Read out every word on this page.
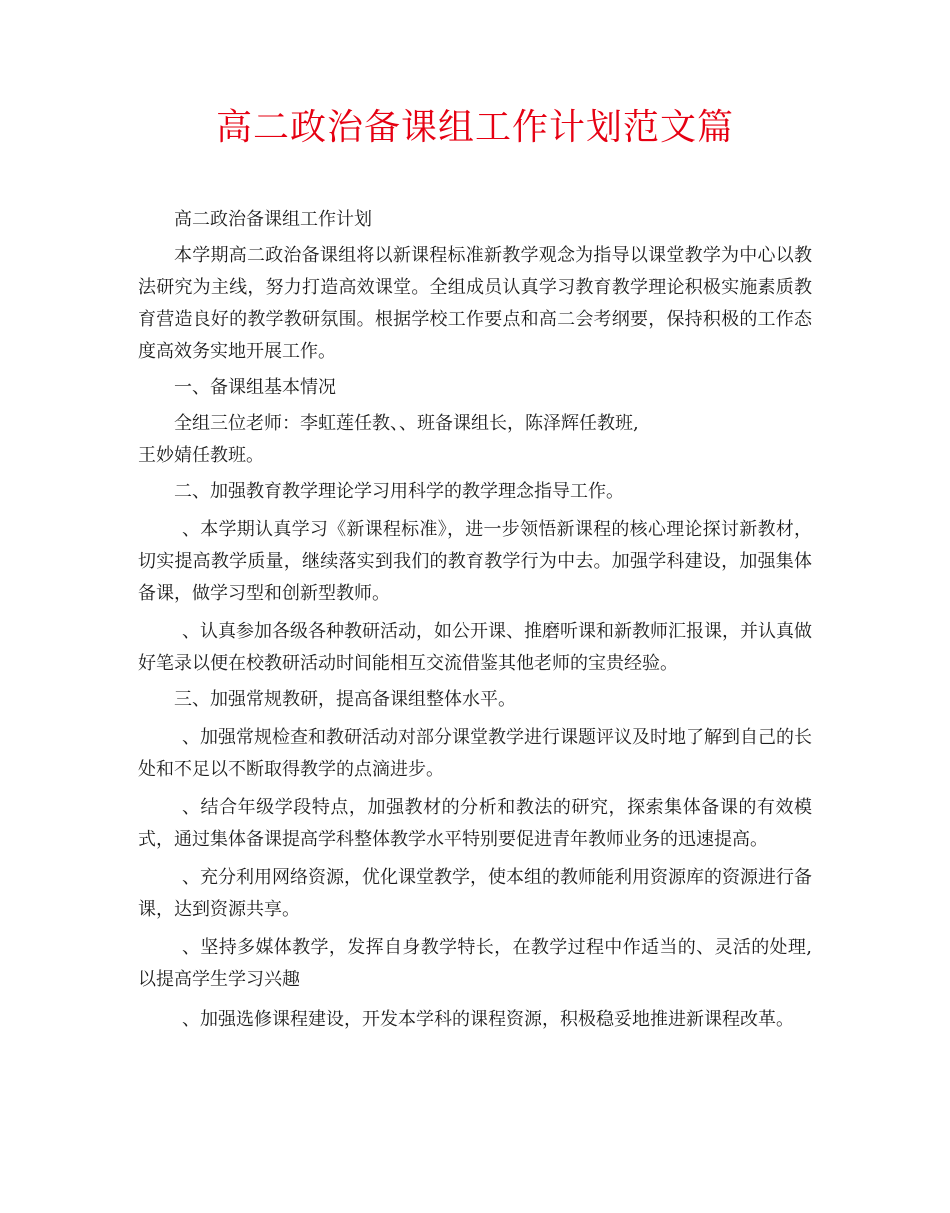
高二政治备课组工作计划范文篇

高二政治备课组工作计划

本学期高二政治备课组将以新课程标准新教学观念为指导以课堂教学为中心以教法研究为主线，努力打造高效课堂。全组成员认真学习教育教学理论积极实施素质教育营造良好的教学教研氛围。根据学校工作要点和高二会考纲要，保持积极的工作态度高效务实地开展工作。

一、备课组基本情况

全组三位老师：李虹莲任教、、班备课组长，陈泽辉任教班,

王妙婧任教班。

二、加强教育教学理论学习用科学的教学理念指导工作。

、本学期认真学习《新课程标准》，进一步领悟新课程的核心理论探讨新教材，切实提高教学质量，继续落实到我们的教育教学行为中去。加强学科建设，加强集体备课，做学习型和创新型教师。

、认真参加各级各种教研活动，如公开课、推磨听课和新教师汇报课，并认真做好笔录以便在校教研活动时间能相互交流借鉴其他老师的宝贵经验。

三、加强常规教研，提高备课组整体水平。

、加强常规检查和教研活动对部分课堂教学进行课题评议及时地了解到自己的长处和不足以不断取得教学的点滴进步。

、结合年级学段特点，加强教材的分析和教法的研究，探索集体备课的有效模式，通过集体备课提高学科整体教学水平特别要促进青年教师业务的迅速提高。

、充分利用网络资源，优化课堂教学，使本组的教师能利用资源库的资源进行备课，达到资源共享。

、坚持多媒体教学，发挥自身教学特长，在教学过程中作适当的、灵活的处理, 以提高学生学习兴趣

、加强选修课程建设，开发本学科的课程资源，积极稳妥地推进新课程改革。
